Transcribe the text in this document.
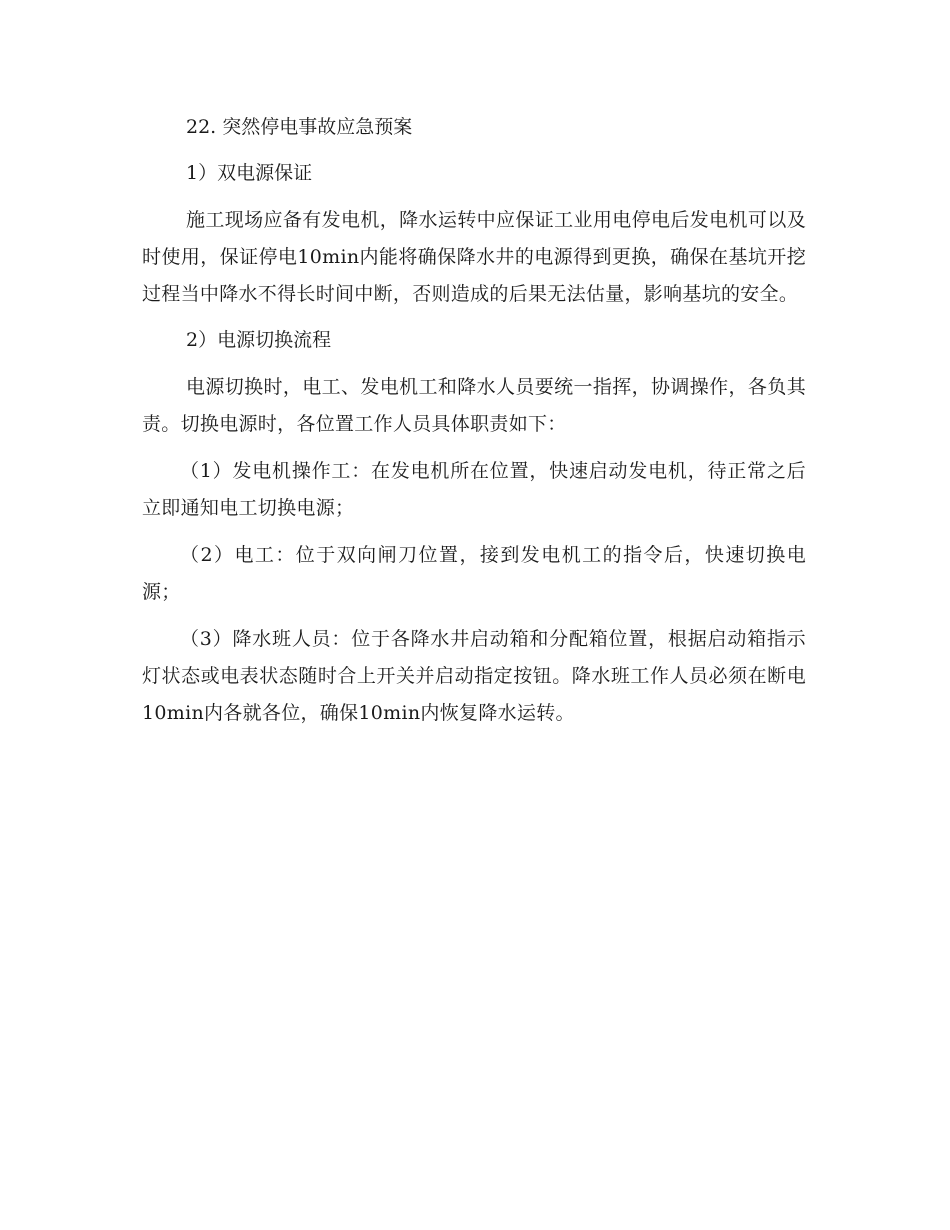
22. 突然停电事故应急预案

1）双电源保证

施工现场应备有发电机，降水运转中应保证工业用电停电后发电机可以及时使用，保证停电10min内能将确保降水井的电源得到更换，确保在基坑开挖过程当中降水不得长时间中断，否则造成的后果无法估量，影响基坑的安全。

2）电源切换流程

电源切换时，电工、发电机工和降水人员要统一指挥，协调操作，各负其责。切换电源时，各位置工作人员具体职责如下：

（1）发电机操作工：在发电机所在位置，快速启动发电机，待正常之后立即通知电工切换电源；

（2）电工：位于双向闸刀位置，接到发电机工的指令后，快速切换电源；

（3）降水班人员：位于各降水井启动箱和分配箱位置，根据启动箱指示灯状态或电表状态随时合上开关并启动指定按钮。降水班工作人员必须在断电10min内各就各位，确保10min内恢复降水运转。
